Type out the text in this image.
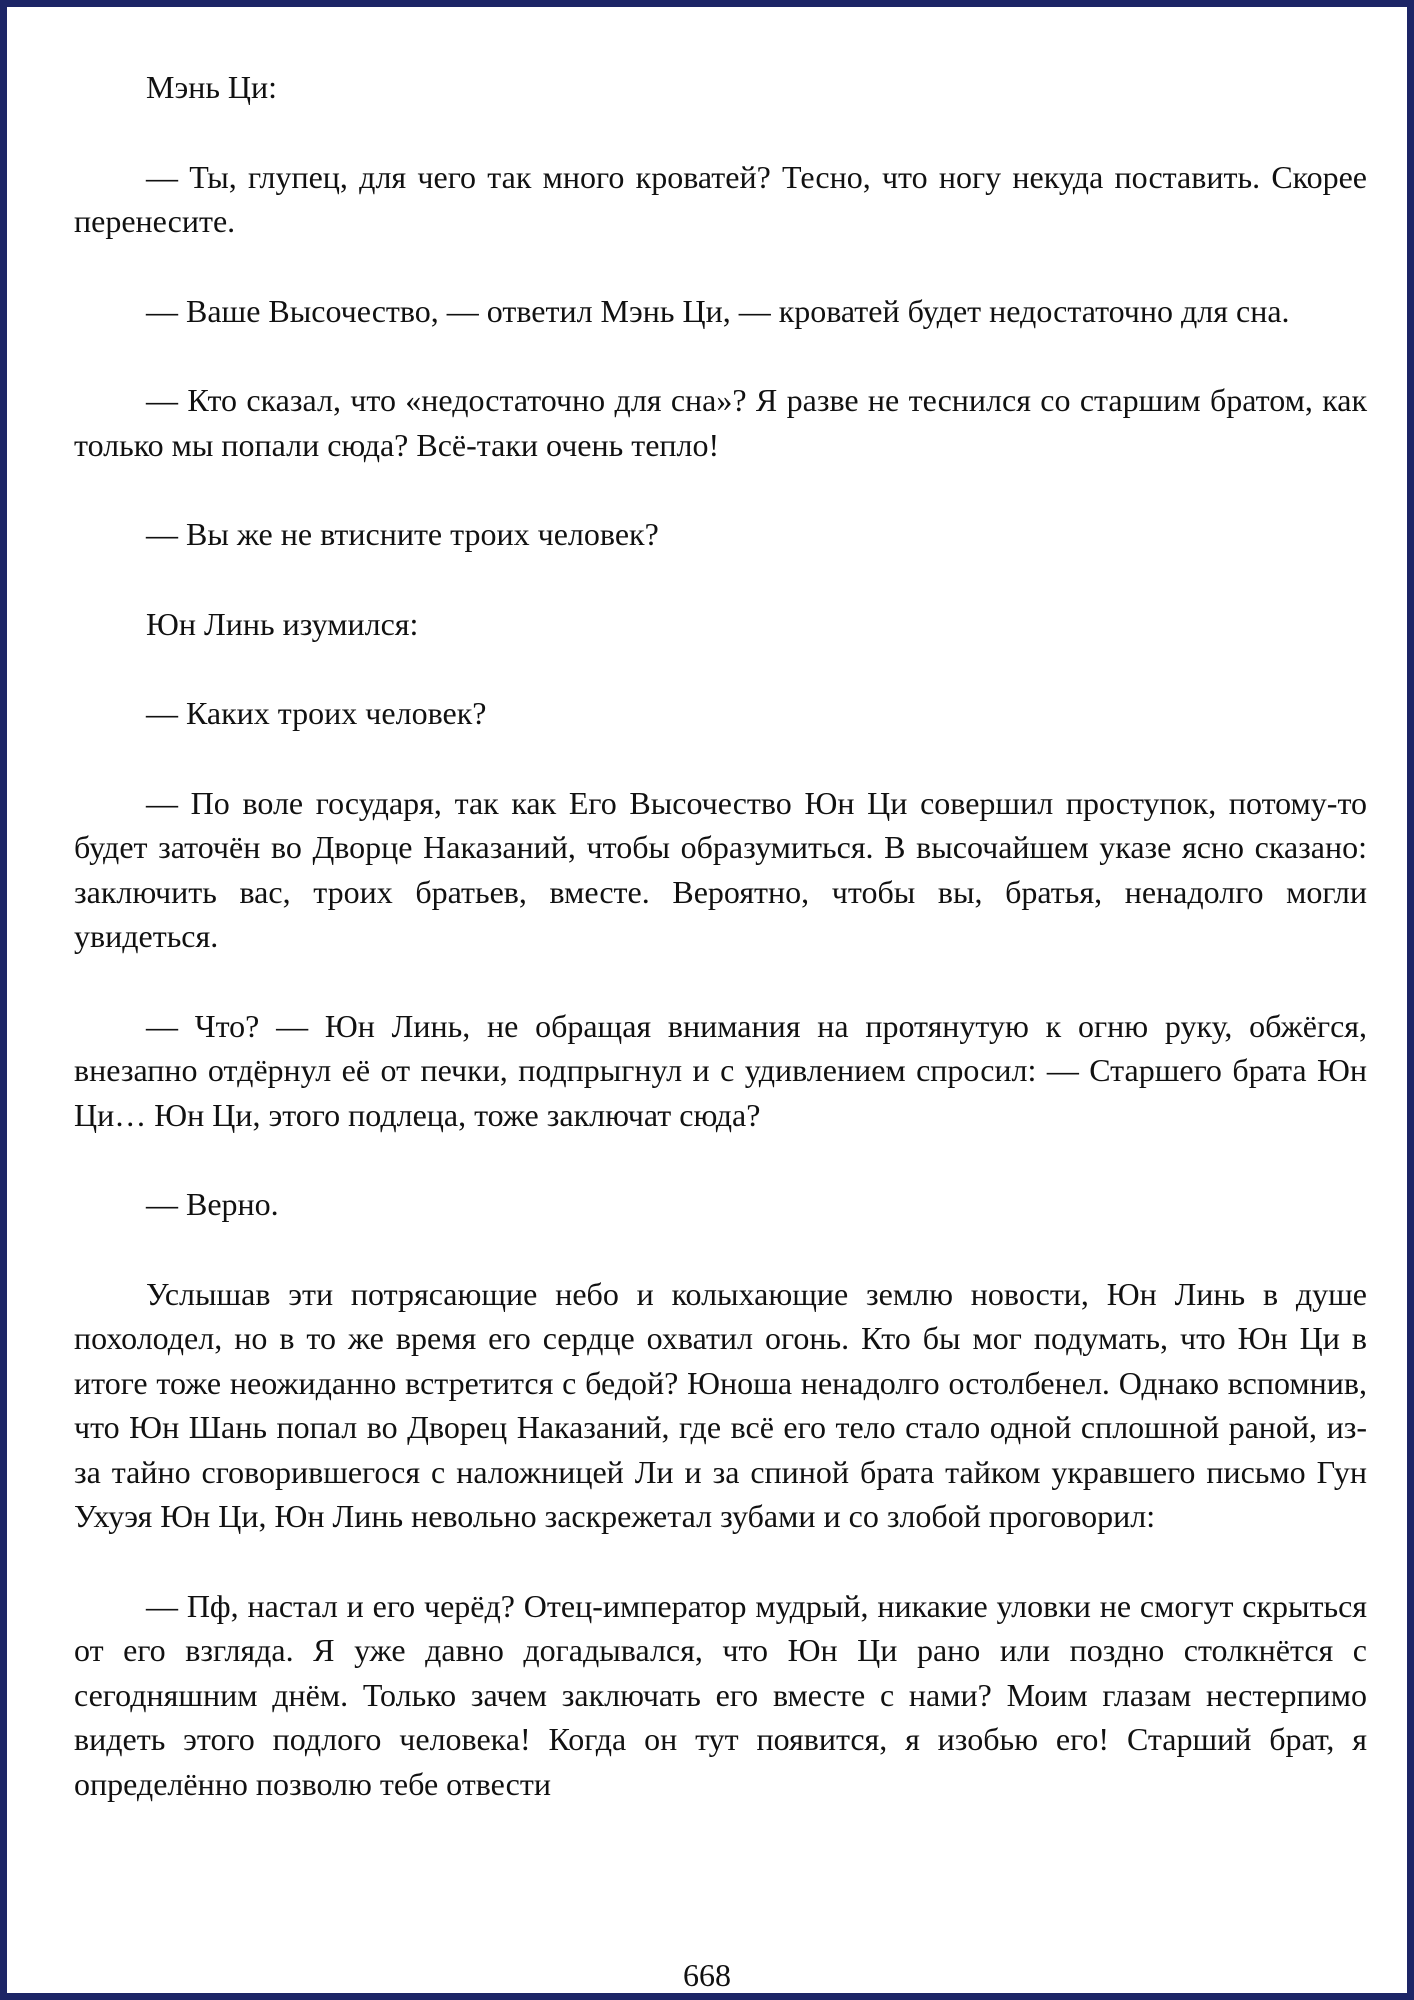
Мэнь Ци:

— Ты, глупец, для чего так много кроватей? Тесно, что ногу некуда поставить. Скорее перенесите.

— Ваше Высочество, — ответил Мэнь Ци, — кроватей будет недостаточно для сна.

— Кто сказал, что «недостаточно для сна»? Я разве не теснился со старшим братом, как только мы попали сюда? Всё-таки очень тепло!

— Вы же не втисните троих человек?

Юн Линь изумился:

— Каких троих человек?

— По воле государя, так как Его Высочество Юн Ци совершил проступок, потому-то будет заточён во Дворце Наказаний, чтобы образумиться. В высочайшем указе ясно сказано: заключить вас, троих братьев, вместе. Вероятно, чтобы вы, братья, ненадолго могли увидеться.

— Что? — Юн Линь, не обращая внимания на протянутую к огню руку, обжёгся, внезапно отдёрнул её от печки, подпрыгнул и с удивлением спросил: — Старшего брата Юн Ци… Юн Ци, этого подлеца, тоже заключат сюда?

— Верно.

Услышав эти потрясающие небо и колыхающие землю новости, Юн Линь в душе похолодел, но в то же время его сердце охватил огонь. Кто бы мог подумать, что Юн Ци в итоге тоже неожиданно встретится с бедой? Юноша ненадолго остолбенел. Однако вспомнив, что Юн Шань попал во Дворец Наказаний, где всё его тело стало одной сплошной раной, из-за тайно сговорившегося с наложницей Ли и за спиной брата тайком укравшего письмо Гун Ухуэя Юн Ци, Юн Линь невольно заскрежетал зубами и со злобой проговорил:

— Пф, настал и его черёд? Отец-император мудрый, никакие уловки не смогут скрыться от его взгляда. Я уже давно догадывался, что Юн Ци рано или поздно столкнётся с сегодняшним днём. Только зачем заключать его вместе с нами? Моим глазам нестерпимо видеть этого подлого человека! Когда он тут появится, я изобью его! Старший брат, я определённо позволю тебе отвести

668
